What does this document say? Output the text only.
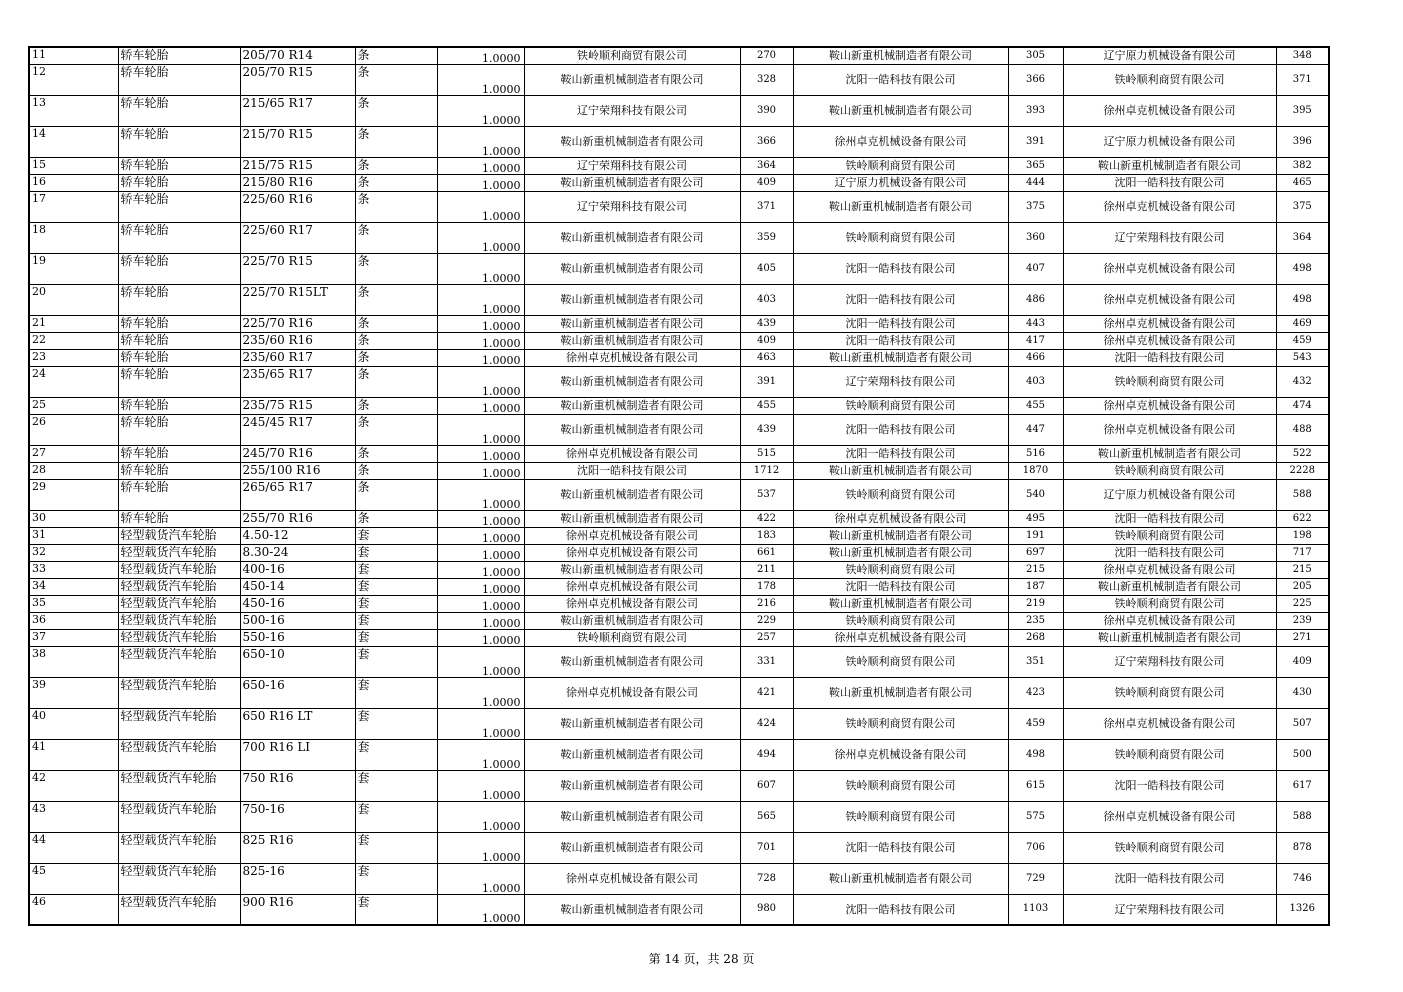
11	轿车轮胎	205/70 R14	条	1.0000	铁岭顺利商贸有限公司	270	鞍山新重机械制造者有限公司	305	辽宁原力机械设备有限公司	348
12	轿车轮胎	205/70 R15	条	1.0000	鞍山新重机械制造者有限公司	328	沈阳一皓科技有限公司	366	铁岭顺利商贸有限公司	371
13	轿车轮胎	215/65 R17	条	1.0000	辽宁荣翔科技有限公司	390	鞍山新重机械制造者有限公司	393	徐州卓克机械设备有限公司	395
14	轿车轮胎	215/70 R15	条	1.0000	鞍山新重机械制造者有限公司	366	徐州卓克机械设备有限公司	391	辽宁原力机械设备有限公司	396
15	轿车轮胎	215/75 R15	条	1.0000	辽宁荣翔科技有限公司	364	铁岭顺利商贸有限公司	365	鞍山新重机械制造者有限公司	382
16	轿车轮胎	215/80 R16	条	1.0000	鞍山新重机械制造者有限公司	409	辽宁原力机械设备有限公司	444	沈阳一皓科技有限公司	465
17	轿车轮胎	225/60 R16	条	1.0000	辽宁荣翔科技有限公司	371	鞍山新重机械制造者有限公司	375	徐州卓克机械设备有限公司	375
18	轿车轮胎	225/60 R17	条	1.0000	鞍山新重机械制造者有限公司	359	铁岭顺利商贸有限公司	360	辽宁荣翔科技有限公司	364
19	轿车轮胎	225/70 R15	条	1.0000	鞍山新重机械制造者有限公司	405	沈阳一皓科技有限公司	407	徐州卓克机械设备有限公司	498
20	轿车轮胎	225/70 R15LT	条	1.0000	鞍山新重机械制造者有限公司	403	沈阳一皓科技有限公司	486	徐州卓克机械设备有限公司	498
21	轿车轮胎	225/70 R16	条	1.0000	鞍山新重机械制造者有限公司	439	沈阳一皓科技有限公司	443	徐州卓克机械设备有限公司	469
22	轿车轮胎	235/60 R16	条	1.0000	鞍山新重机械制造者有限公司	409	沈阳一皓科技有限公司	417	徐州卓克机械设备有限公司	459
23	轿车轮胎	235/60 R17	条	1.0000	徐州卓克机械设备有限公司	463	鞍山新重机械制造者有限公司	466	沈阳一皓科技有限公司	543
24	轿车轮胎	235/65 R17	条	1.0000	鞍山新重机械制造者有限公司	391	辽宁荣翔科技有限公司	403	铁岭顺利商贸有限公司	432
25	轿车轮胎	235/75 R15	条	1.0000	鞍山新重机械制造者有限公司	455	铁岭顺利商贸有限公司	455	徐州卓克机械设备有限公司	474
26	轿车轮胎	245/45 R17	条	1.0000	鞍山新重机械制造者有限公司	439	沈阳一皓科技有限公司	447	徐州卓克机械设备有限公司	488
27	轿车轮胎	245/70 R16	条	1.0000	徐州卓克机械设备有限公司	515	沈阳一皓科技有限公司	516	鞍山新重机械制造者有限公司	522
28	轿车轮胎	255/100 R16	条	1.0000	沈阳一皓科技有限公司	1712	鞍山新重机械制造者有限公司	1870	铁岭顺利商贸有限公司	2228
29	轿车轮胎	265/65 R17	条	1.0000	鞍山新重机械制造者有限公司	537	铁岭顺利商贸有限公司	540	辽宁原力机械设备有限公司	588
30	轿车轮胎	255/70 R16	条	1.0000	鞍山新重机械制造者有限公司	422	徐州卓克机械设备有限公司	495	沈阳一皓科技有限公司	622
31	轻型载货汽车轮胎	4.50-12	套	1.0000	徐州卓克机械设备有限公司	183	鞍山新重机械制造者有限公司	191	铁岭顺利商贸有限公司	198
32	轻型载货汽车轮胎	8.30-24	套	1.0000	徐州卓克机械设备有限公司	661	鞍山新重机械制造者有限公司	697	沈阳一皓科技有限公司	717
33	轻型载货汽车轮胎	400-16	套	1.0000	鞍山新重机械制造者有限公司	211	铁岭顺利商贸有限公司	215	徐州卓克机械设备有限公司	215
34	轻型载货汽车轮胎	450-14	套	1.0000	徐州卓克机械设备有限公司	178	沈阳一皓科技有限公司	187	鞍山新重机械制造者有限公司	205
35	轻型载货汽车轮胎	450-16	套	1.0000	徐州卓克机械设备有限公司	216	鞍山新重机械制造者有限公司	219	铁岭顺利商贸有限公司	225
36	轻型载货汽车轮胎	500-16	套	1.0000	鞍山新重机械制造者有限公司	229	铁岭顺利商贸有限公司	235	徐州卓克机械设备有限公司	239
37	轻型载货汽车轮胎	550-16	套	1.0000	铁岭顺利商贸有限公司	257	徐州卓克机械设备有限公司	268	鞍山新重机械制造者有限公司	271
38	轻型载货汽车轮胎	650-10	套	1.0000	鞍山新重机械制造者有限公司	331	铁岭顺利商贸有限公司	351	辽宁荣翔科技有限公司	409
39	轻型载货汽车轮胎	650-16	套	1.0000	徐州卓克机械设备有限公司	421	鞍山新重机械制造者有限公司	423	铁岭顺利商贸有限公司	430
40	轻型载货汽车轮胎	650 R16 LT	套	1.0000	鞍山新重机械制造者有限公司	424	铁岭顺利商贸有限公司	459	徐州卓克机械设备有限公司	507
41	轻型载货汽车轮胎	700 R16 LI	套	1.0000	鞍山新重机械制造者有限公司	494	徐州卓克机械设备有限公司	498	铁岭顺利商贸有限公司	500
42	轻型载货汽车轮胎	750 R16	套	1.0000	鞍山新重机械制造者有限公司	607	铁岭顺利商贸有限公司	615	沈阳一皓科技有限公司	617
43	轻型载货汽车轮胎	750-16	套	1.0000	鞍山新重机械制造者有限公司	565	铁岭顺利商贸有限公司	575	徐州卓克机械设备有限公司	588
44	轻型载货汽车轮胎	825 R16	套	1.0000	鞍山新重机械制造者有限公司	701	沈阳一皓科技有限公司	706	铁岭顺利商贸有限公司	878
45	轻型载货汽车轮胎	825-16	套	1.0000	徐州卓克机械设备有限公司	728	鞍山新重机械制造者有限公司	729	沈阳一皓科技有限公司	746
46	轻型载货汽车轮胎	900 R16	套	1.0000	鞍山新重机械制造者有限公司	980	沈阳一皓科技有限公司	1103	辽宁荣翔科技有限公司	1326
第 14 页，共 28 页
